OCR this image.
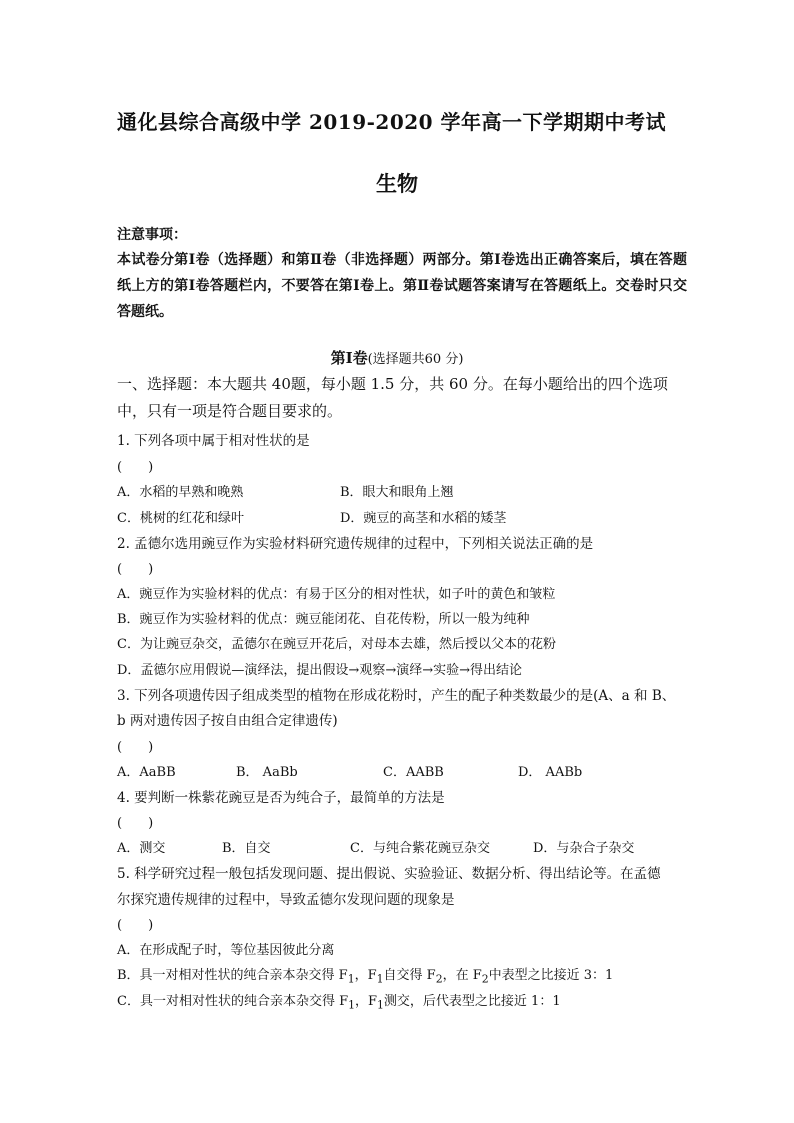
通化县综合高级中学 2019-2020 学年高一下学期期中考试
生物
注意事项：
本试卷分第Ⅰ卷（选择题）和第Ⅱ卷（非选择题）两部分。第Ⅰ卷选出正确答案后，填在答题纸上方的第Ⅰ卷答题栏内，不要答在第Ⅰ卷上。第Ⅱ卷试题答案请写在答题纸上。交卷时只交答题纸。
第Ⅰ卷(选择题共60 分)
一、选择题：本大题共 40题，每小题 1.5 分，共 60 分。在每小题给出的四个选项中，只有一项是符合题目要求的。
1. 下列各项中属于相对性状的是
(　　)
A．水稻的早熟和晚熟	B．眼大和眼角上翘
C．桃树的红花和绿叶	D．豌豆的高茎和水稻的矮茎
2. 孟德尔选用豌豆作为实验材料研究遗传规律的过程中，下列相关说法正确的是
(　　)
A．豌豆作为实验材料的优点：有易于区分的相对性状，如子叶的黄色和皱粒
B．豌豆作为实验材料的优点：豌豆能闭花、自花传粉，所以一般为纯种
C．为让豌豆杂交，孟德尔在豌豆开花后，对母本去雄，然后授以父本的花粉
D．孟德尔应用假说—演绎法，提出假设→观察→演绎→实验→得出结论
3. 下列各项遗传因子组成类型的植物在形成花粉时，产生的配子种类数最少的是(A、a 和 B、
b 两对遗传因子按自由组合定律遗传)
(　　)
A．AaBB	B． AaBb	C．AABB	D． AABb
4. 要判断一株紫花豌豆是否为纯合子，最简单的方法是
(　　)
A．测交	B．自交	C．与纯合紫花豌豆杂交	D．与杂合子杂交
5. 科学研究过程一般包括发现问题、提出假说、实验验证、数据分析、得出结论等。在孟德
尔探究遗传规律的过程中，导致孟德尔发现问题的现象是
(　　)
A．在形成配子时，等位基因彼此分离
B．具一对相对性状的纯合亲本杂交得 $F_1$，$F_1$自交得 $F_2$，在 $F_2$中表型之比接近 3：1
C．具一对相对性状的纯合亲本杂交得 $F_1$，$F_1$测交，后代表型之比接近 1：1
